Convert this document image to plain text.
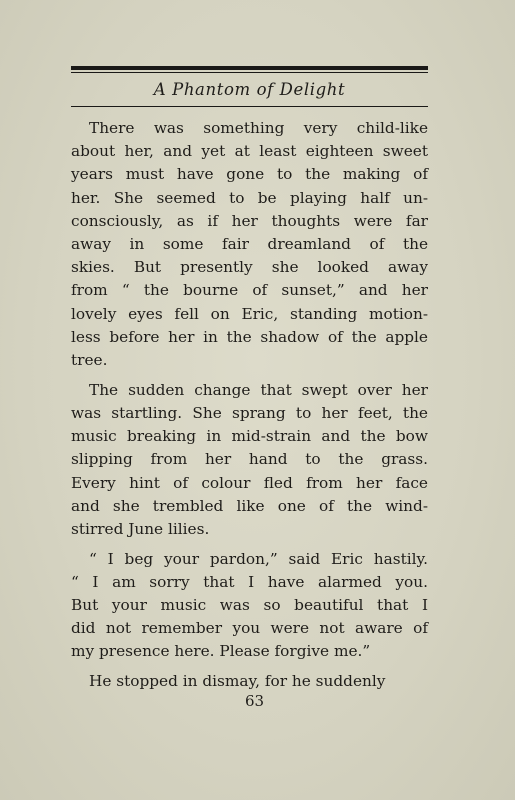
A Phantom of Delight
There was something very child-like
about her, and yet at least eighteen sweet
years must have gone to the making of
her. She seemed to be playing half un-
consciously, as if her thoughts were far
away in some fair dreamland of the
skies. But presently she looked away
from “ the bourne of sunset,” and her
lovely eyes fell on Eric, standing motion-
less before her in the shadow of the apple
tree.
The sudden change that swept over her
was startling. She sprang to her feet, the
music breaking in mid-strain and the bow
slipping from her hand to the grass.
Every hint of colour fled from her face
and she trembled like one of the wind-
stirred June lilies.
“ I beg your pardon,” said Eric hastily.
“ I am sorry that I have alarmed you.
But your music was so beautiful that I
did not remember you were not aware of
my presence here. Please forgive me.”
He stopped in dismay, for he suddenly
63
